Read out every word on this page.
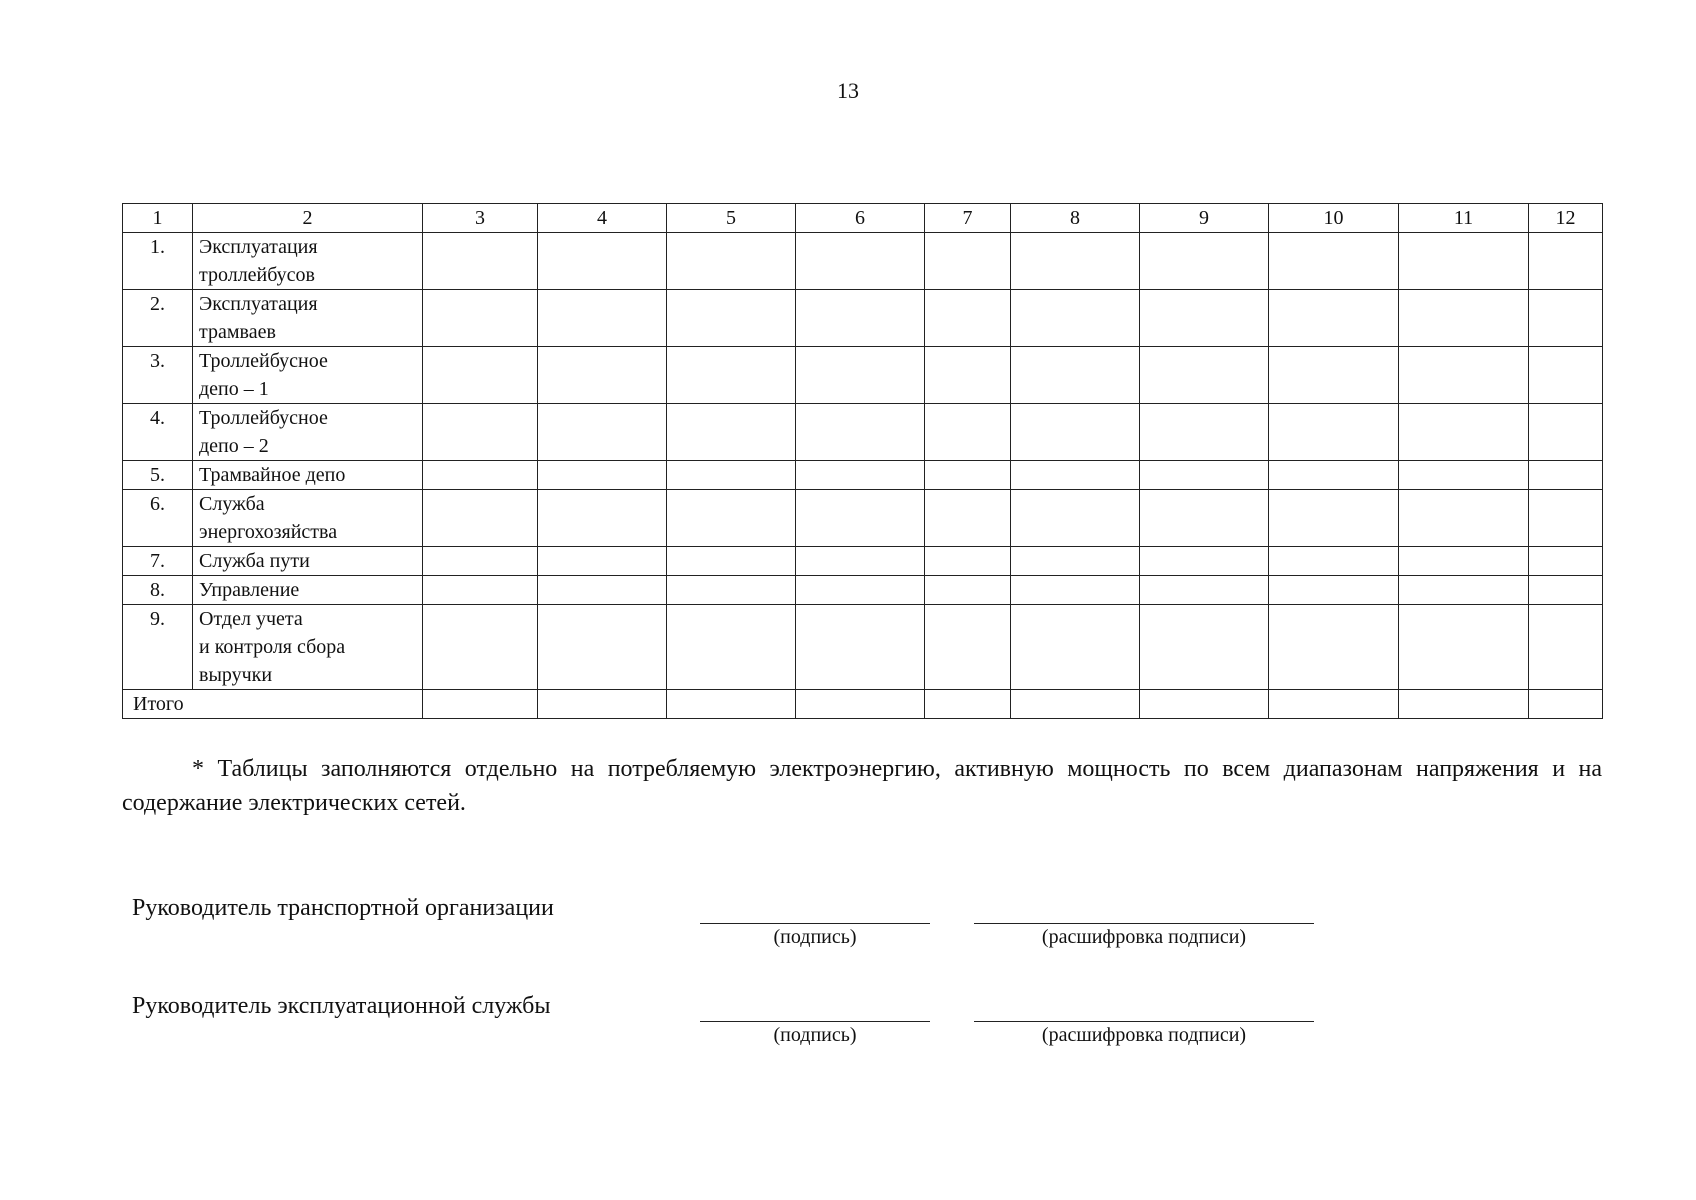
13
1	2	3	4	5	6	7	8	9	10	11	12
1.	Эксплуатация
троллейбусов										

2.	Эксплуатация
трамваев										

3.	Троллейбусное
депо – 1										

4.	Троллейбусное
депо – 2										

5.	Трамвайное депо										

6.	Служба
энергохозяйства										

7.	Служба пути										

8.	Управление										

9.	Отдел учета
и контроля сбора
выручки										

Итого											
* Таблицы заполняются отдельно на потребляемую электроэнергию, активную мощность по всем диапазонам напряжения и на содержание электрических сетей.
Руководитель транспортной организации
(подпись)	(расшифровка подписи)
Руководитель эксплуатационной службы
(подпись)	(расшифровка подписи)
